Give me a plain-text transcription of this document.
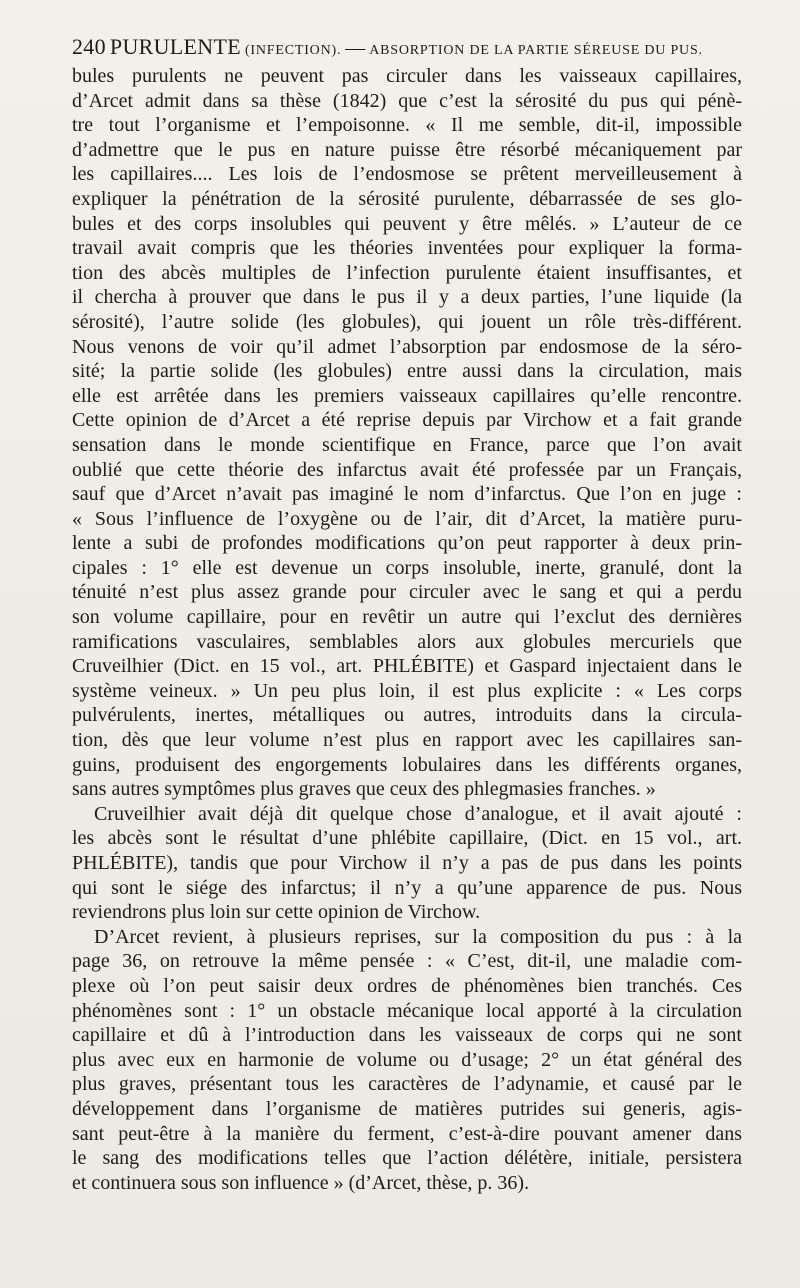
240 PURULENTE (INFECTION). — ABSORPTION DE LA PARTIE SÉREUSE DU PUS.
bules purulents ne peuvent pas circuler dans les vaisseaux capillaires,
d’Arcet admit dans sa thèse (1842) que c’est la sérosité du pus qui pénè-
tre tout l’organisme et l’empoisonne. « Il me semble, dit-il, impossible
d’admettre que le pus en nature puisse être résorbé mécaniquement par
les capillaires.... Les lois de l’endosmose se prêtent merveilleusement à
expliquer la pénétration de la sérosité purulente, débarrassée de ses glo-
bules et des corps insolubles qui peuvent y être mêlés. » L’auteur de ce
travail avait compris que les théories inventées pour expliquer la forma-
tion des abcès multiples de l’infection purulente étaient insuffisantes, et
il chercha à prouver que dans le pus il y a deux parties, l’une liquide (la
sérosité), l’autre solide (les globules), qui jouent un rôle très-différent.
Nous venons de voir qu’il admet l’absorption par endosmose de la séro-
sité; la partie solide (les globules) entre aussi dans la circulation, mais
elle est arrêtée dans les premiers vaisseaux capillaires qu’elle rencontre.
Cette opinion de d’Arcet a été reprise depuis par Virchow et a fait grande
sensation dans le monde scientifique en France, parce que l’on avait
oublié que cette théorie des infarctus avait été professée par un Français,
sauf que d’Arcet n’avait pas imaginé le nom d’infarctus. Que l’on en juge :
« Sous l’influence de l’oxygène ou de l’air, dit d’Arcet, la matière puru-
lente a subi de profondes modifications qu’on peut rapporter à deux prin-
cipales : 1° elle est devenue un corps insoluble, inerte, granulé, dont la
ténuité n’est plus assez grande pour circuler avec le sang et qui a perdu
son volume capillaire, pour en revêtir un autre qui l’exclut des dernières
ramifications vasculaires, semblables alors aux globules mercuriels que
Cruveilhier (Dict. en 15 vol., art. PHLÉBITE) et Gaspard injectaient dans le
système veineux. » Un peu plus loin, il est plus explicite : « Les corps
pulvérulents, inertes, métalliques ou autres, introduits dans la circula-
tion, dès que leur volume n’est plus en rapport avec les capillaires san-
guins, produisent des engorgements lobulaires dans les différents organes,
sans autres symptômes plus graves que ceux des phlegmasies franches. »
Cruveilhier avait déjà dit quelque chose d’analogue, et il avait ajouté :
les abcès sont le résultat d’une phlébite capillaire, (Dict. en 15 vol., art.
PHLÉBITE), tandis que pour Virchow il n’y a pas de pus dans les points
qui sont le siége des infarctus; il n’y a qu’une apparence de pus. Nous
reviendrons plus loin sur cette opinion de Virchow.
D’Arcet revient, à plusieurs reprises, sur la composition du pus : à la
page 36, on retrouve la même pensée : « C’est, dit-il, une maladie com-
plexe où l’on peut saisir deux ordres de phénomènes bien tranchés. Ces
phénomènes sont : 1° un obstacle mécanique local apporté à la circulation
capillaire et dû à l’introduction dans les vaisseaux de corps qui ne sont
plus avec eux en harmonie de volume ou d’usage; 2° un état général des
plus graves, présentant tous les caractères de l’adynamie, et causé par le
développement dans l’organisme de matières putrides sui generis, agis-
sant peut-être à la manière du ferment, c’est-à-dire pouvant amener dans
le sang des modifications telles que l’action délétère, initiale, persistera
et continuera sous son influence » (d’Arcet, thèse, p. 36).
